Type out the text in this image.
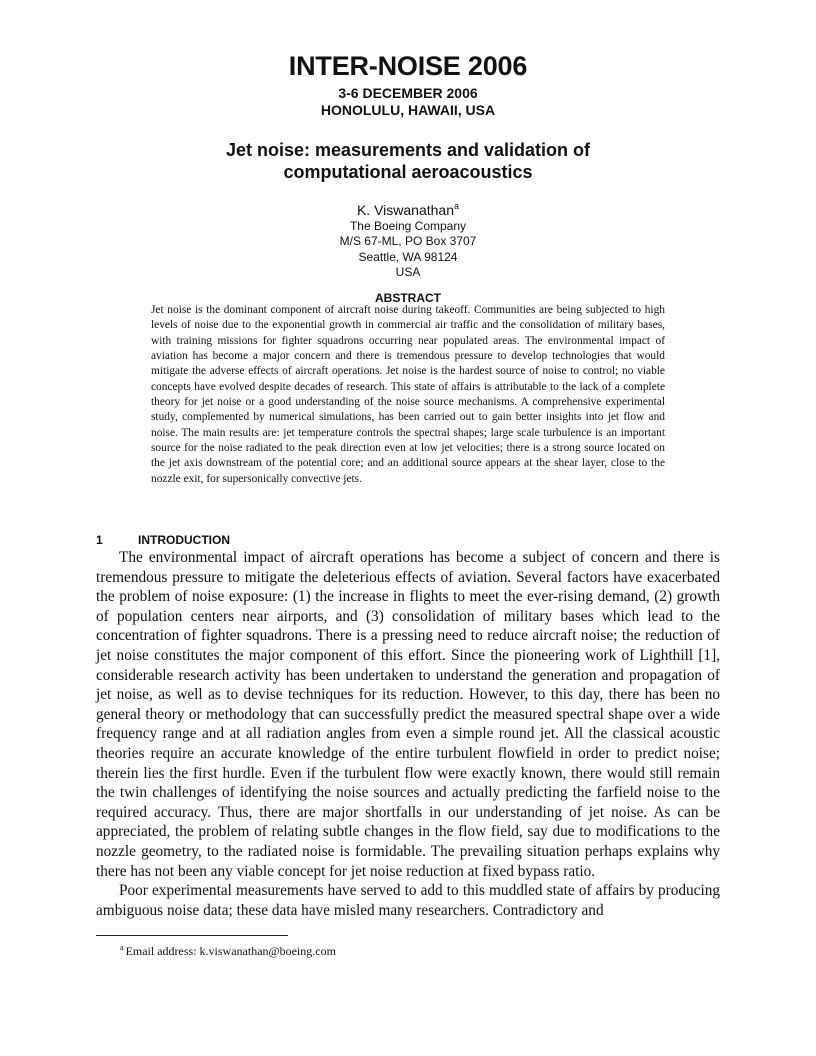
INTER-NOISE 2006
3-6 DECEMBER 2006
HONOLULU, HAWAII, USA
Jet noise: measurements and validation of
computational aeroacoustics
K. Viswanathan$^a$
The Boeing Company
M/S 67-ML, PO Box 3707
Seattle, WA 98124
USA
ABSTRACT
Jet noise is the dominant component of aircraft noise during takeoff. Communities are being subjected to high levels of noise due to the exponential growth in commercial air traffic and the consolidation of military bases, with training missions for fighter squadrons occurring near populated areas. The environmental impact of aviation has become a major concern and there is tremendous pressure to develop technologies that would mitigate the adverse effects of aircraft operations. Jet noise is the hardest source of noise to control; no viable concepts have evolved despite decades of research. This state of affairs is attributable to the lack of a complete theory for jet noise or a good understanding of the noise source mechanisms. A comprehensive experimental study, complemented by numerical simulations, has been carried out to gain better insights into jet flow and noise. The main results are: jet temperature controls the spectral shapes; large scale turbulence is an important source for the noise radiated to the peak direction even at low jet velocities; there is a strong source located on the jet axis downstream of the potential core; and an additional source appears at the shear layer, close to the nozzle exit, for supersonically convective jets.
1	INTRODUCTION

The environmental impact of aircraft operations has become a subject of concern and there is tremendous pressure to mitigate the deleterious effects of aviation. Several factors have exacerbated the problem of noise exposure: (1) the increase in flights to meet the ever-rising demand, (2) growth of population centers near airports, and (3) consolidation of military bases which lead to the concentration of fighter squadrons. There is a pressing need to reduce aircraft noise; the reduction of jet noise constitutes the major component of this effort. Since the pioneering work of Lighthill [1], considerable research activity has been undertaken to understand the generation and propagation of jet noise, as well as to devise techniques for its reduction. However, to this day, there has been no general theory or methodology that can successfully predict the measured spectral shape over a wide frequency range and at all radiation angles from even a simple round jet. All the classical acoustic theories require an accurate knowledge of the entire turbulent flowfield in order to predict noise; therein lies the first hurdle. Even if the turbulent flow were exactly known, there would still remain the twin challenges of identifying the noise sources and actually predicting the farfield noise to the required accuracy. Thus, there are major shortfalls in our understanding of jet noise. As can be appreciated, the problem of relating subtle changes in the flow field, say due to modifications to the nozzle geometry, to the radiated noise is formidable. The prevailing situation perhaps explains why there has not been any viable concept for jet noise reduction at fixed bypass ratio.

Poor experimental measurements have served to add to this muddled state of affairs by producing ambiguous noise data; these data have misled many researchers. Contradictory and

$^a$ Email address: k.viswanathan@boeing.com
